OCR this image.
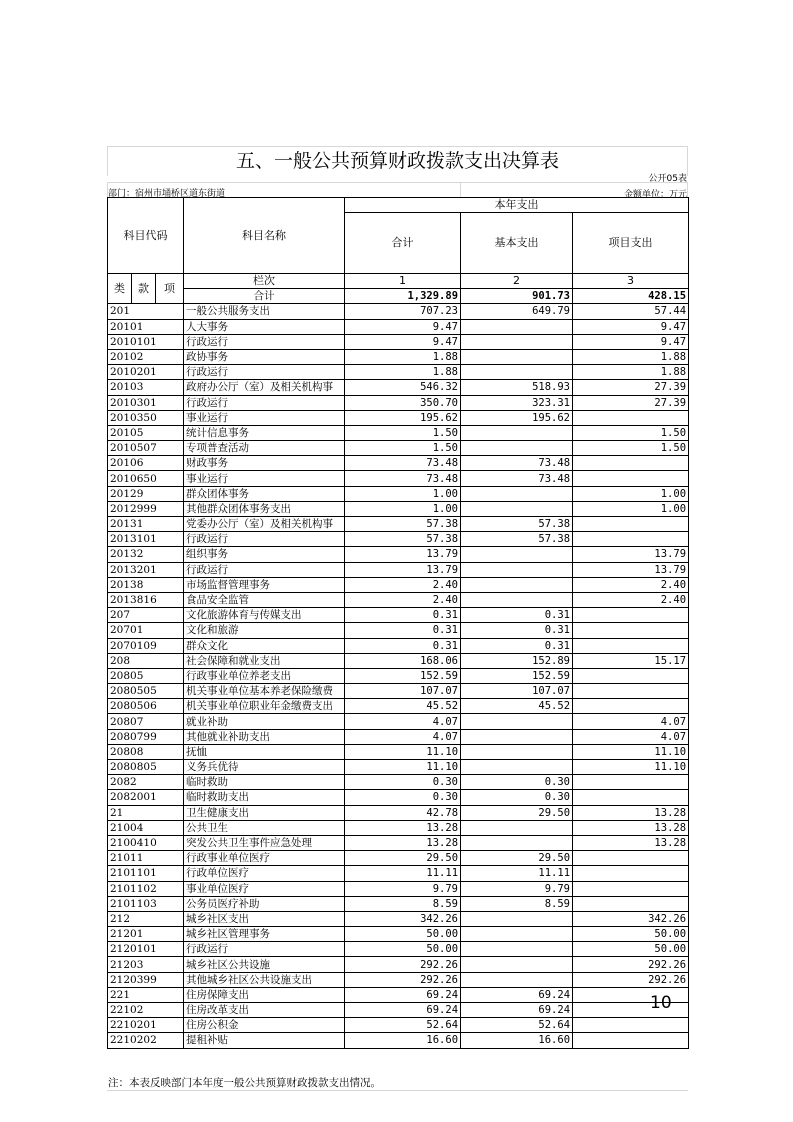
五、一般公共预算财政拨款支出决算表
公开05表
部门：宿州市埇桥区道东街道	金额单位：万元
科目代码			科目名称	本年支出		
				合计	基本支出	项目支出

类	款	项	栏次	1	2	3
			合计	1,329.89	901.73	428.15
201			一般公共服务支出	707.23	649.79	57.44
20101			人大事务	9.47		9.47
2010101			行政运行	9.47		9.47
20102			政协事务	1.88		1.88
2010201			行政运行	1.88		1.88
20103			政府办公厅（室）及相关机构事	546.32	518.93	27.39
2010301			行政运行	350.70	323.31	27.39
2010350			事业运行	195.62	195.62	
20105			统计信息事务	1.50		1.50
2010507			专项普查活动	1.50		1.50
20106			财政事务	73.48	73.48	
2010650			事业运行	73.48	73.48	
20129			群众团体事务	1.00		1.00
2012999			其他群众团体事务支出	1.00		1.00
20131			党委办公厅（室）及相关机构事	57.38	57.38	
2013101			行政运行	57.38	57.38	
20132			组织事务	13.79		13.79
2013201			行政运行	13.79		13.79
20138			市场监督管理事务	2.40		2.40
2013816			食品安全监管	2.40		2.40
207			文化旅游体育与传媒支出	0.31	0.31	
20701			文化和旅游	0.31	0.31	
2070109			群众文化	0.31	0.31	
208			社会保障和就业支出	168.06	152.89	15.17
20805			行政事业单位养老支出	152.59	152.59	
2080505			机关事业单位基本养老保险缴费	107.07	107.07	
2080506			机关事业单位职业年金缴费支出	45.52	45.52	
20807			就业补助	4.07		4.07
2080799			其他就业补助支出	4.07		4.07
20808			抚恤	11.10		11.10
2080805			义务兵优待	11.10		11.10
2082			临时救助	0.30	0.30	
2082001			临时救助支出	0.30	0.30	
21			卫生健康支出	42.78	29.50	13.28
21004			公共卫生	13.28		13.28
2100410			突发公共卫生事件应急处理	13.28		13.28
21011			行政事业单位医疗	29.50	29.50	
2101101			行政单位医疗	11.11	11.11	
2101102			事业单位医疗	9.79	9.79	
2101103			公务员医疗补助	8.59	8.59	
212			城乡社区支出	342.26		342.26
21201			城乡社区管理事务	50.00		50.00
2120101			行政运行	50.00		50.00
21203			城乡社区公共设施	292.26		292.26
2120399			其他城乡社区公共设施支出	292.26		292.26
221			住房保障支出	69.24	69.24	
22102			住房改革支出	69.24	69.24	
2210201			住房公积金	52.64	52.64	
2210202			提租补贴	16.60	16.60	
10
注：本表反映部门本年度一般公共预算财政拨款支出情况。
